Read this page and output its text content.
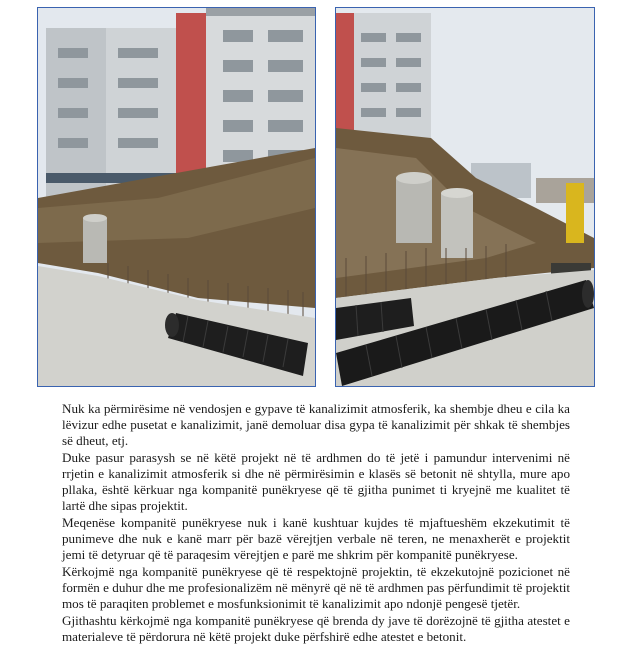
Nuk ka përmirësime në vendosjen e gypave të kanalizimit atmosferik, ka shembje dheu e cila ka lëvizur edhe pusetat e kanalizimit, janë demoluar disa gypa të kanalizimit për shkak të shembjes së dheut, etj.

Duke pasur parasysh se në këtë projekt në të ardhmen do të jetë i pamundur intervenimi në rrjetin e kanalizimit atmosferik si dhe në përmirësimin e klasës së betonit në shtylla, mure apo pllaka, është kërkuar nga kompanitë punëkryese që të gjitha punimet ti kryejnë me kualitet të lartë dhe sipas projektit.

Meqenëse kompanitë punëkryese nuk i kanë kushtuar kujdes të mjaftueshëm ekzekutimit të punimeve dhe nuk e kanë marr për bazë vërejtjen verbale në teren, ne menaxherët e projektit jemi të detyruar që të paraqesim vërejtjen e parë me shkrim për kompanitë punëkryese.

Kërkojmë nga kompanitë punëkryese që të respektojnë projektin, të ekzekutojnë pozicionet në formën e duhur dhe me profesionalizëm në mënyrë që në të ardhmen pas përfundimit të projektit mos të paraqiten problemet e mosfunksionimit të kanalizimit apo ndonjë pengesë tjetër.

Gjithashtu kërkojmë nga kompanitë punëkryese që brenda dy jave të dorëzojnë të gjitha atestet e materialeve të përdorura në këtë projekt duke përfshirë edhe atestet e betonit.
